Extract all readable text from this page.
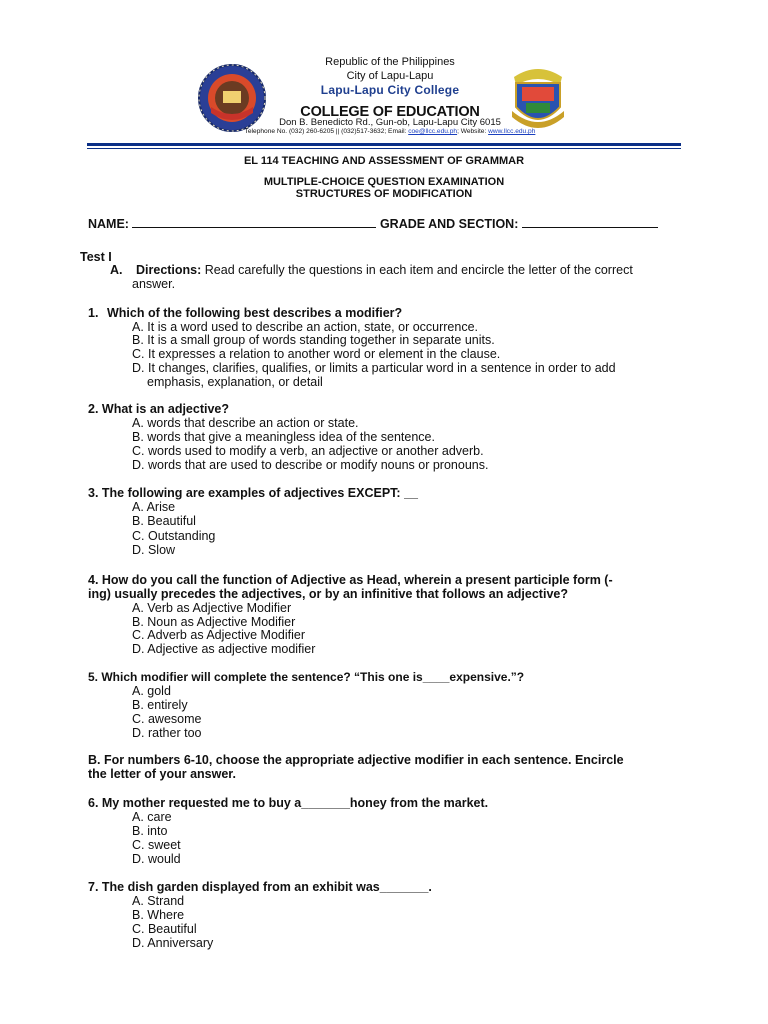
Republic of the Philippines
City of Lapu-Lapu
Lapu-Lapu City College
COLLEGE OF EDUCATION
Don B. Benedicto Rd., Gun-ob, Lapu-Lapu City 6015
Telephone No. (032) 260-6205 || (032)517-3632; Email: coe@llcc.edu.ph; Website: www.llcc.edu.ph
EL 114 TEACHING AND ASSESSMENT OF GRAMMAR
MULTIPLE-CHOICE QUESTION EXAMINATION
STRUCTURES OF MODIFICATION
NAME:	GRADE AND SECTION:
Test I
A. Directions: Read carefully the questions in each item and encircle the letter of the correct
answer.
1. Which of the following best describes a modifier?
A. It is a word used to describe an action, state, or occurrence.
B. It is a small group of words standing together in separate units.
C. It expresses a relation to another word or element in the clause.
D. It changes, clarifies, qualifies, or limits a particular word in a sentence in order to add
emphasis, explanation, or detail
2. What is an adjective?
A. words that describe an action or state.
B. words that give a meaningless idea of the sentence.
C. words used to modify a verb, an adjective or another adverb.
D. words that are used to describe or modify nouns or pronouns.
3. The following are examples of adjectives EXCEPT: __
A. Arise
B. Beautiful
C. Outstanding
D. Slow
4. How do you call the function of Adjective as Head, wherein a present participle form (-
ing) usually precedes the adjectives, or by an infinitive that follows an adjective?
A. Verb as Adjective Modifier
B. Noun as Adjective Modifier
C. Adverb as Adjective Modifier
D. Adjective as adjective modifier
5. Which modifier will complete the sentence? “This one is____expensive.”?
A. gold
B. entirely
C. awesome
D. rather too
B. For numbers 6-10, choose the appropriate adjective modifier in each sentence. Encircle
the letter of your answer.
6. My mother requested me to buy a_______honey from the market.
A. care
B. into
C. sweet
D. would
7. The dish garden displayed from an exhibit was_______.
A. Strand
B. Where
C. Beautiful
D. Anniversary
